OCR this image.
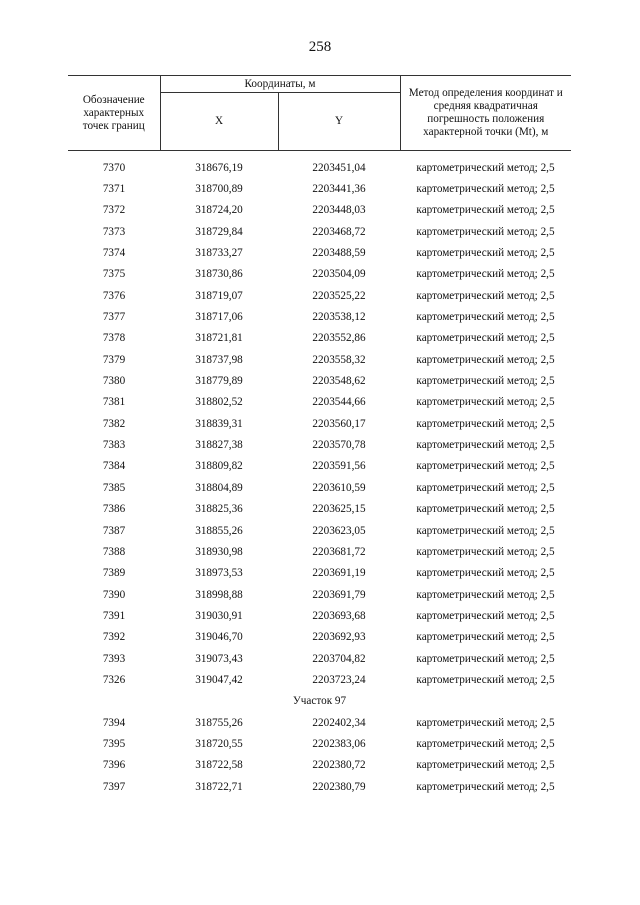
258
Обозначение характерных точек границ	Координаты, м		Метод определения координат и средняя квадратичная погрешность положения характерной точки (Mt), м
	X	Y	
7370	318676,19	2203451,04	картометрический метод; 2,5
7371	318700,89	2203441,36	картометрический метод; 2,5
7372	318724,20	2203448,03	картометрический метод; 2,5
7373	318729,84	2203468,72	картометрический метод; 2,5
7374	318733,27	2203488,59	картометрический метод; 2,5
7375	318730,86	2203504,09	картометрический метод; 2,5
7376	318719,07	2203525,22	картометрический метод; 2,5
7377	318717,06	2203538,12	картометрический метод; 2,5
7378	318721,81	2203552,86	картометрический метод; 2,5
7379	318737,98	2203558,32	картометрический метод; 2,5
7380	318779,89	2203548,62	картометрический метод; 2,5
7381	318802,52	2203544,66	картометрический метод; 2,5
7382	318839,31	2203560,17	картометрический метод; 2,5
7383	318827,38	2203570,78	картометрический метод; 2,5
7384	318809,82	2203591,56	картометрический метод; 2,5
7385	318804,89	2203610,59	картометрический метод; 2,5
7386	318825,36	2203625,15	картометрический метод; 2,5
7387	318855,26	2203623,05	картометрический метод; 2,5
7388	318930,98	2203681,72	картометрический метод; 2,5
7389	318973,53	2203691,19	картометрический метод; 2,5
7390	318998,88	2203691,79	картометрический метод; 2,5
7391	319030,91	2203693,68	картометрический метод; 2,5
7392	319046,70	2203692,93	картометрический метод; 2,5
7393	319073,43	2203704,82	картометрический метод; 2,5
7326	319047,42	2203723,24	картометрический метод; 2,5
Участок 97			
7394	318755,26	2202402,34	картометрический метод; 2,5
7395	318720,55	2202383,06	картометрический метод; 2,5
7396	318722,58	2202380,72	картометрический метод; 2,5
7397	318722,71	2202380,79	картометрический метод; 2,5
